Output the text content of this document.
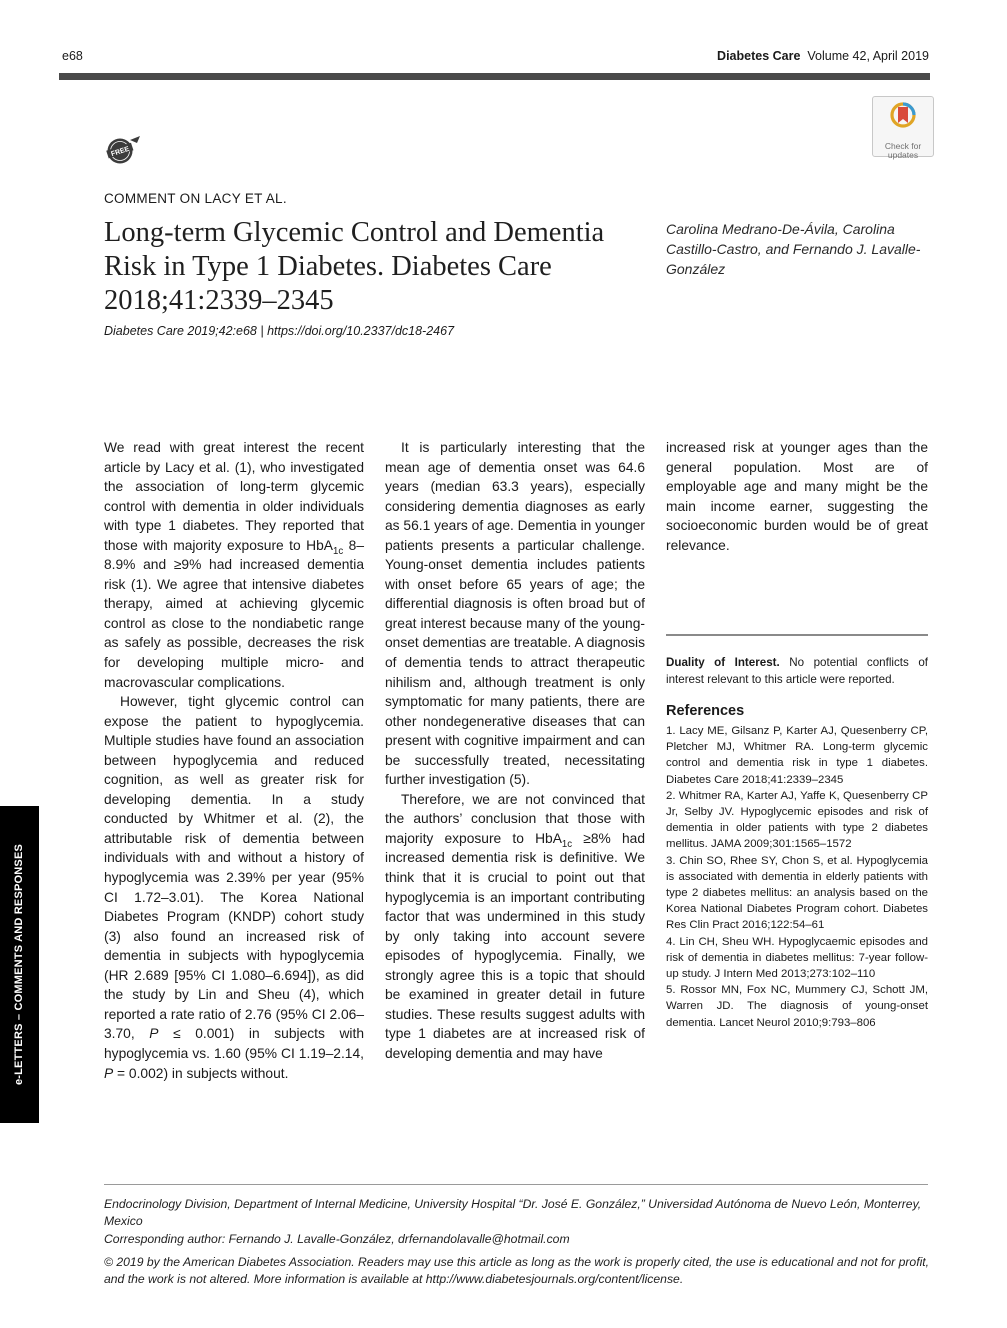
e68	Diabetes Care Volume 42, April 2019
FREE	Check for updates
COMMENT ON LACY ET AL.
Long-term Glycemic Control and Dementia Risk in Type 1 Diabetes. Diabetes Care 2018;41:2339–2345
Diabetes Care 2019;42:e68 | https://doi.org/10.2337/dc18-2467
Carolina Medrano-De-Ávila, Carolina Castillo-Castro, and Fernando J. Lavalle-González

We read with great interest the recent article by Lacy et al. (1), who investigated the association of long-term glycemic control with dementia in older individuals with type 1 diabetes. They reported that those with majority exposure to HbA$_{1c}$ 8–8.9% and ≥9% had increased dementia risk (1). We agree that intensive diabetes therapy, aimed at achieving glycemic control as close to the nondiabetic range as safely as possible, decreases the risk for developing multiple micro- and macrovascular complications.

However, tight glycemic control can expose the patient to hypoglycemia. Multiple studies have found an association between hypoglycemia and reduced cognition, as well as greater risk for developing dementia. In a study conducted by Whitmer et al. (2), the attributable risk of dementia between individuals with and without a history of hypoglycemia was 2.39% per year (95% CI 1.72–3.01). The Korea National Diabetes Program (KNDP) cohort study (3) also found an increased risk of dementia in subjects with hypoglycemia (HR 2.689 [95% CI 1.080–6.694]), as did the study by Lin and Sheu (4), which reported a rate ratio of 2.76 (95% CI 2.06–3.70, P ≤ 0.001) in subjects with hypoglycemia vs. 1.60 (95% CI 1.19–2.14, P = 0.002) in subjects without.

It is particularly interesting that the mean age of dementia onset was 64.6 years (median 63.3 years), especially considering dementia diagnoses as early as 56.1 years of age. Dementia in younger patients presents a particular challenge. Young-onset dementia includes patients with onset before 65 years of age; the differential diagnosis is often broad but of great interest because many of the young-onset dementias are treatable. A diagnosis of dementia tends to attract therapeutic nihilism and, although treatment is only symptomatic for many patients, there are other nondegenerative diseases that can present with cognitive impairment and can be successfully treated, necessitating further investigation (5).

Therefore, we are not convinced that the authors’ conclusion that those with majority exposure to HbA$_{1c}$ ≥8% had increased dementia risk is definitive. We think that it is crucial to point out that hypoglycemia is an important contributing factor that was undermined in this study by only taking into account severe episodes of hypoglycemia. Finally, we strongly agree this is a topic that should be examined in greater detail in future studies. These results suggest adults with type 1 diabetes are at increased risk of developing dementia and may have

increased risk at younger ages than the general population. Most are of employable age and many might be the main income earner, suggesting the socioeconomic burden would be of great relevance.

Duality of Interest. No potential conflicts of interest relevant to this article were reported.
References
1. Lacy ME, Gilsanz P, Karter AJ, Quesenberry CP, Pletcher MJ, Whitmer RA. Long-term glycemic control and dementia risk in type 1 diabetes. Diabetes Care 2018;41:2339–2345
2. Whitmer RA, Karter AJ, Yaffe K, Quesenberry CP Jr, Selby JV. Hypoglycemic episodes and risk of dementia in older patients with type 2 diabetes mellitus. JAMA 2009;301:1565–1572
3. Chin SO, Rhee SY, Chon S, et al. Hypoglycemia is associated with dementia in elderly patients with type 2 diabetes mellitus: an analysis based on the Korea National Diabetes Program cohort. Diabetes Res Clin Pract 2016;122:54–61
4. Lin CH, Sheu WH. Hypoglycaemic episodes and risk of dementia in diabetes mellitus: 7-year follow-up study. J Intern Med 2013;273:102–110
5. Rossor MN, Fox NC, Mummery CJ, Schott JM, Warren JD. The diagnosis of young-onset dementia. Lancet Neurol 2010;9:793–806
e-LETTERS – COMMENTS AND RESPONSES
Endocrinology Division, Department of Internal Medicine, University Hospital “Dr. José E. González,” Universidad Autónoma de Nuevo León, Monterrey, Mexico
Corresponding author: Fernando J. Lavalle-González, drfernandolavalle@hotmail.com
© 2019 by the American Diabetes Association. Readers may use this article as long as the work is properly cited, the use is educational and not for profit, and the work is not altered. More information is available at http://www.diabetesjournals.org/content/license.
